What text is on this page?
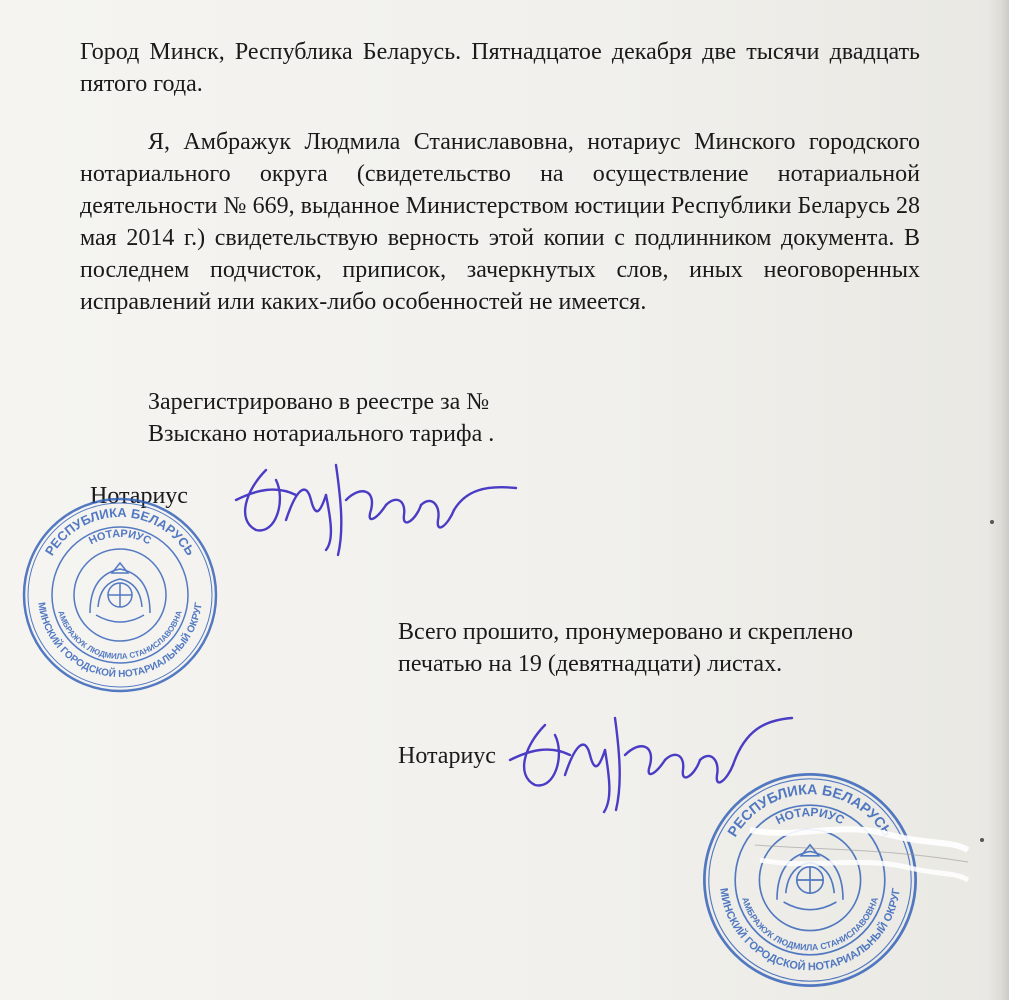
Город Минск, Республика Беларусь. Пятнадцатое декабря две тысячи двадцать пятого года.
Я, Амбражук Людмила Станиславовна, нотариус Минского городского нотариального округа (свидетельство на осуществление нотариальной деятельности № 669, выданное Министерством юстиции Республики Беларусь 28 мая 2014 г.) свидетельствую верность этой копии с подлинником документа. В последнем подчисток, приписок, зачеркнутых слов, иных неоговоренных исправлений или каких-либо особенностей не имеется.
Зарегистрировано в реестре за №
Взыскано нотариального тарифа .
Нотариус
Всего прошито, пронумеровано и скреплено печатью на 19 (девятнадцати) листах.
Нотариус
РЕСПУБЛИКА БЕЛАРУСЬ
МИНСКИЙ ГОРОДСКОЙ НОТАРИАЛЬНЫЙ ОКРУГ
НОТАРИУС
АМБРАЖУК ЛЮДМИЛА СТАНИСЛАВОВНА
РЕСПУБЛИКА БЕЛАРУСЬ
МИНСКИЙ ГОРОДСКОЙ НОТАРИАЛЬНЫЙ ОКРУГ
НОТАРИУС
АМБРАЖУК ЛЮДМИЛА СТАНИСЛАВОВНА
